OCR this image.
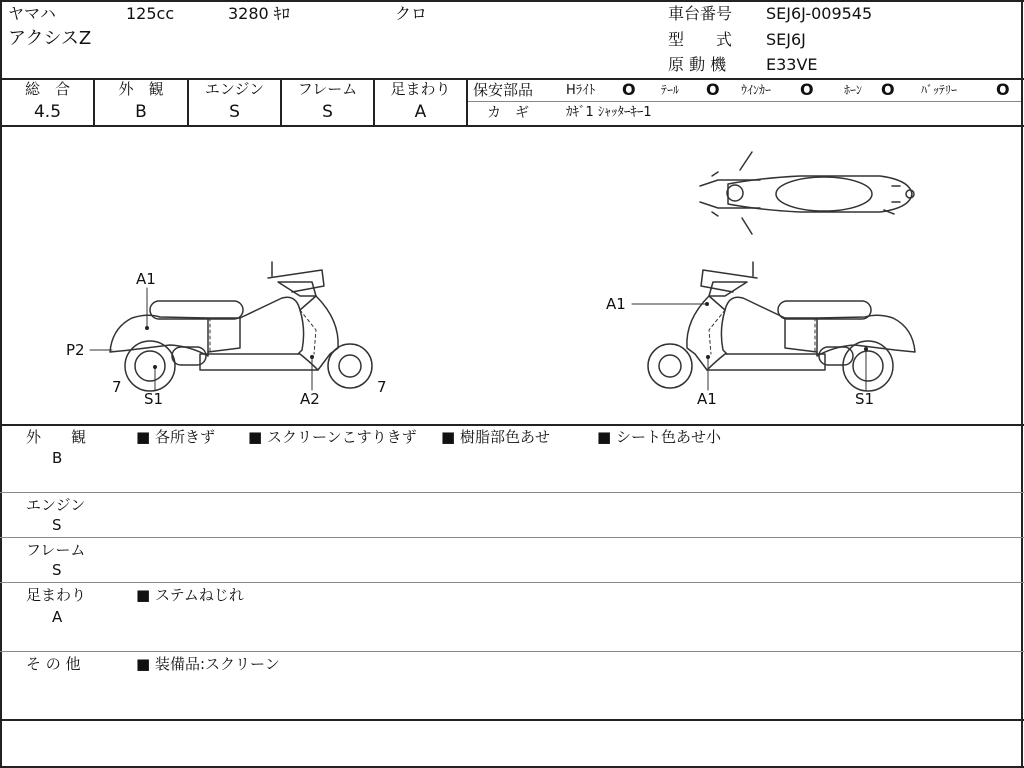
ヤマハ	125cc	3280 ｷﾛ	クロ
アクシスZ
車台番号 SEJ6J-009545
型　　式 SEJ6J
原 動 機 E33VE
総　合
4.5
外　観
B
エンジン
S
フレーム
S
足まわり
A
保安部品	Hﾗｲﾄ O ﾃｰﾙ O ｳｲﾝｶｰ O	ﾎｰﾝ O ﾊﾞｯﾃﾘｰ O
カ　ギ	ｶｷﾞ1 ｼｬｯﾀｰｷｰ1
A1
P2
7
S1	A2
7
A1
A1	S1
外　　観
B
■ 各所きず ■ スクリーンこすりきず ■ 樹脂部色あせ	■ シート色あせ小
エンジン
S
フレーム
S
足まわり
A
■ ステムねじれ
そ の 他	■ 装備品:スクリーン
